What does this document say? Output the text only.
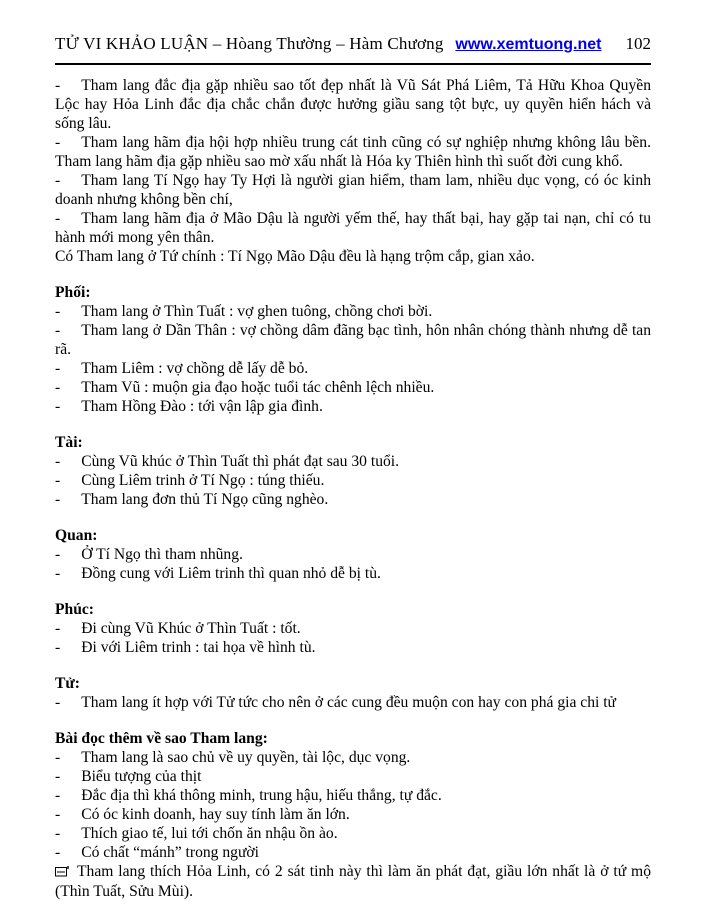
TỬ VI KHẢO LUẬN – Hòang Thường – Hàm Chương www.xemtuong.net 102

- Tham lang đắc địa gặp nhiều sao tốt đẹp nhất là Vũ Sát Phá Liêm, Tả Hữu Khoa Quyền Lộc hay Hỏa Linh đắc địa chắc chắn được hưởng giầu sang tột bực, uy quyền hiển hách và sống lâu.

- Tham lang hãm địa hội hợp nhiều trung cát tinh cũng có sự nghiệp nhưng không lâu bền. Tham lang hãm địa gặp nhiều sao mờ xấu nhất là Hóa ky Thiên hình thì suốt đời cung khổ.

- Tham lang Tí Ngọ hay Ty Hợi là người gian hiểm, tham lam, nhiều dục vọng, có óc kinh doanh nhưng không bền chí,

- Tham lang hãm địa ở Mão Dậu là người yếm thế, hay thất bại, hay gặp tai nạn, chỉ có tu hành mới mong yên thân.

Có Tham lang ở Tứ chính : Tí Ngọ Mão Dậu đều là hạng trộm cắp, gian xảo.

Phối:

- Tham lang ở Thìn Tuất : vợ ghen tuông, chồng chơi bời.

- Tham lang ở Dần Thân : vợ chồng dâm đãng bạc tình, hôn nhân chóng thành nhưng dễ tan rã.

- Tham Liêm : vợ chồng dễ lấy dễ bỏ.

- Tham Vũ : muộn gia đạo hoặc tuổi tác chênh lệch nhiều.

- Tham Hồng Đào : tới vận lập gia đình.

Tài:

- Cùng Vũ khúc ở Thìn Tuất thì phát đạt sau 30 tuổi.

- Cùng Liêm trinh ở Tí Ngọ : túng thiếu.

- Tham lang đơn thủ Tí Ngọ cũng nghèo.

Quan:

- Ở Tí Ngọ thì tham nhũng.

- Đồng cung với Liêm trinh thì quan nhỏ dễ bị tù.

Phúc:

- Đi cùng Vũ Khúc ở Thìn Tuất : tốt.

- Đi với Liêm trinh : tai họa về hình tù.

Tử:

- Tham lang ít hợp với Tử tức cho nên ở các cung đều muộn con hay con phá gia chi tử

Bài đọc thêm về sao Tham lang:

- Tham lang là sao chủ về uy quyền, tài lộc, dục vọng.

- Biểu tượng của thịt

- Đắc địa thì khá thông minh, trung hậu, hiếu thắng, tự đắc.

- Có óc kinh doanh, hay suy tính làm ăn lớn.

- Thích giao tế, lui tới chốn ăn nhậu ồn ào.

- Có chất “mánh” trong người

Tham lang thích Hỏa Linh, có 2 sát tinh này thì làm ăn phát đạt, giầu lớn nhất là ở tứ mộ (Thìn Tuất, Sửu Mùi).
